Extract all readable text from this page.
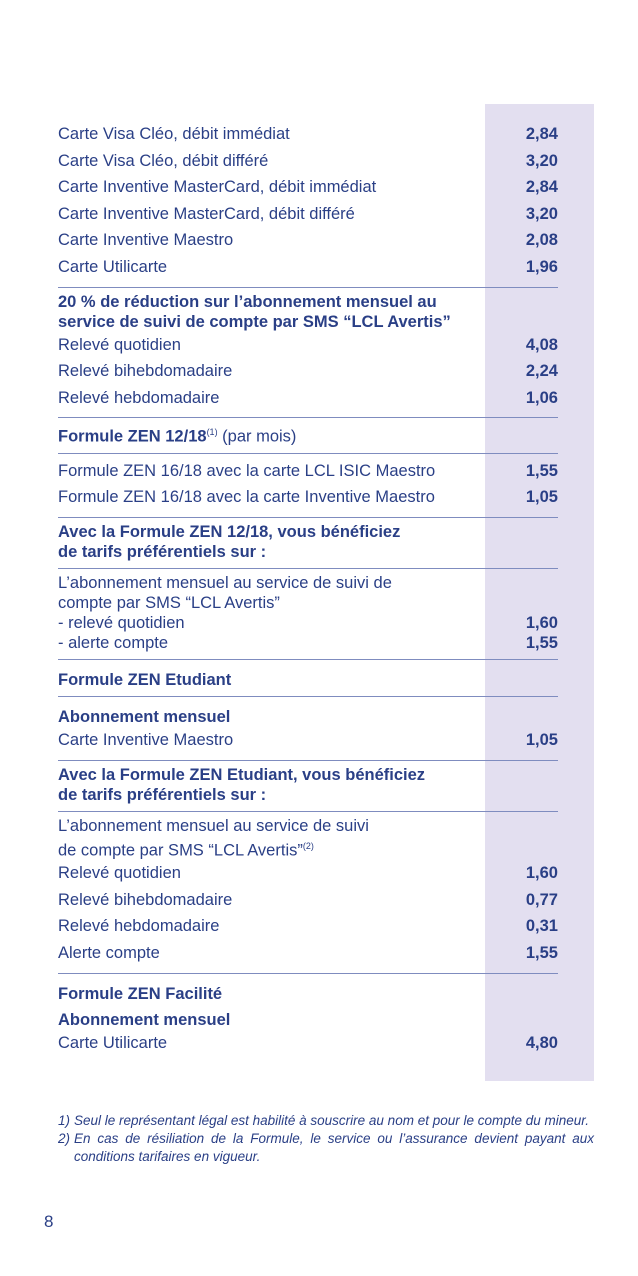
Carte Visa Cléo, débit immédiat	2,84
Carte Visa Cléo, débit différé	3,20
Carte Inventive MasterCard, débit immédiat	2,84
Carte Inventive MasterCard, débit différé	3,20
Carte Inventive Maestro	2,08
Carte Utilicarte	1,96
20 % de réduction sur l’abonnement mensuel au
service de suivi de compte par SMS “LCL Avertis”
Relevé quotidien	4,08
Relevé bihebdomadaire	2,24
Relevé hebdomadaire	1,06
Formule ZEN 12/18$^{(1)}$ (par mois)
Formule ZEN 16/18 avec la carte LCL ISIC Maestro	1,55
Formule ZEN 16/18 avec la carte Inventive Maestro	1,05
Avec la Formule ZEN 12/18, vous bénéficiez
de tarifs préférentiels sur :
L’abonnement mensuel au service de suivi de
compte par SMS “LCL Avertis”
- relevé quotidien	1,60
- alerte compte	1,55
Formule ZEN Etudiant
Abonnement mensuel
Carte Inventive Maestro	1,05
Avec la Formule ZEN Etudiant, vous bénéficiez
de tarifs préférentiels sur :
L’abonnement mensuel au service de suivi
de compte par SMS “LCL Avertis”$^{(2)}$
Relevé quotidien	1,60
Relevé bihebdomadaire	0,77
Relevé hebdomadaire	0,31
Alerte compte	1,55
Formule ZEN Facilité
Abonnement mensuel
Carte Utilicarte	4,80
1) Seul le représentant légal est habilité à souscrire au nom et pour le compte du mineur.
2) En cas de résiliation de la Formule, le service ou l’assurance devient payant aux conditions tarifaires en vigueur.
8
